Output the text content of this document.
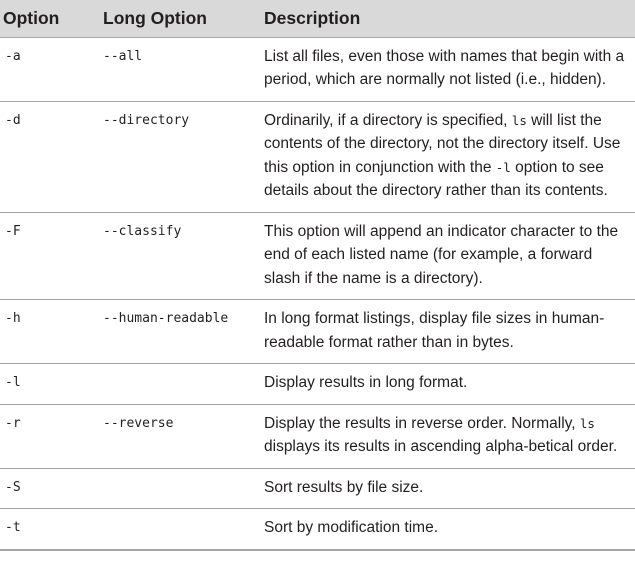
Option	Long Option	Description

-a	--all	List all files, even those with names that begin with a period, which are normally not listed (i.e., hidden).

-d	--directory	Ordinarily, if a directory is specified, ls will list the contents of the directory, not the directory itself. Use this option in conjunction with the -l option to see details about the directory rather than its contents.

-F	--classify	This option will append an indicator character to the end of each listed name (for example, a forward slash if the name is a directory).

-h	--human-readable	In long format listings, display file sizes in human-readable format rather than in bytes.

-l		Display results in long format.

-r	--reverse	Display the results in reverse order. Normally, ls displays its results in ascending alpha-betical order.

-S		Sort results by file size.

-t		Sort by modification time.
